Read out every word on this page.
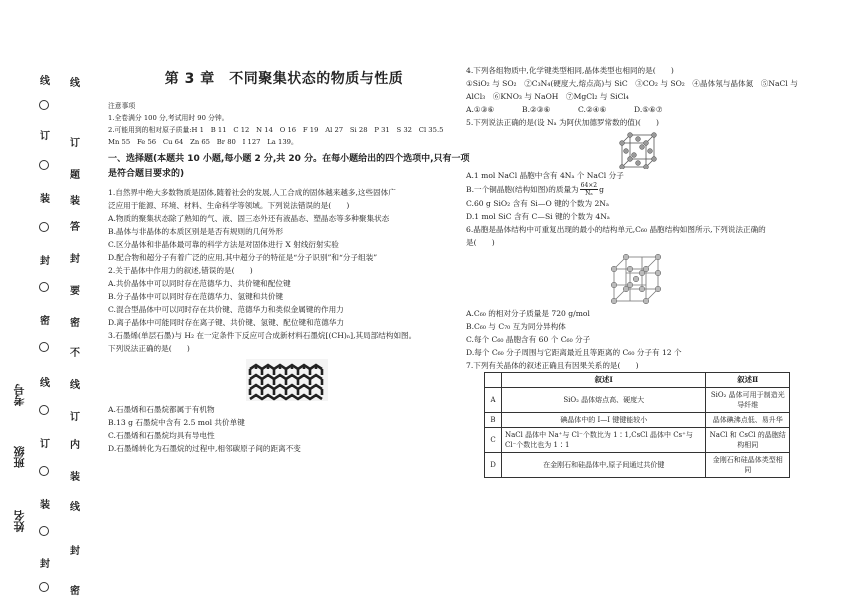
线
订
装
封
密
线
订
装
封
线
订
题
装
答
封
要
密
不
线
订
内
装
线
封
密
考号
班级
姓名
第 3 章　不同聚集状态的物质与性质
注意事项
1.全卷满分 100 分,考试用时 90 分钟。
2.可能用到的相对原子质量:H 1　B 11　C 12　N 14　O 16　F 19　Al 27　Si 28　P 31　S 32　Cl 35.5
Mn 55　Fe 56　Cu 64　Zn 65　Br 80　I 127　La 139。
一、选择题(本题共 10 小题,每小题 2 分,共 20 分。在每小题给出的四个选项中,只有一项
是符合题目要求的)
1.自然界中绝大多数物质是固体,随着社会的发展,人工合成的固体越来越多,这些固体广
泛应用于能源、环境、材料、生命科学等领域。下列说法错误的是(　　)
A.物质的聚集状态除了熟知的气、液、固三态外还有液晶态、塑晶态等多种聚集状态
B.晶体与非晶体的本质区别是是否有规则的几何外形
C.区分晶体和非晶体最可靠的科学方法是对固体进行 X 射线衍射实验
D.配合物和超分子有着广泛的应用,其中超分子的特征是“分子识别”和“分子组装”
2.关于晶体中作用力的叙述,错误的是(　　)
A.共价晶体中可以同时存在范德华力、共价键和配位键
B.分子晶体中可以同时存在范德华力、氢键和共价键
C.混合型晶体中可以同时存在共价键、范德华力和类似金属键的作用力
D.离子晶体中可能同时存在离子键、共价键、氢键、配位键和范德华力
3.石墨烯(单层石墨)与 H₂ 在一定条件下反应可合成新材料石墨烷[(CH)ₙ],其局部结构如图。
下列说法正确的是(　　)
A.石墨烯和石墨烷都属于有机物
B.13 g 石墨烷中含有 2.5 mol 共价单键
C.石墨烯和石墨烷均具有导电性
D.石墨烯转化为石墨烷的过程中,相邻碳原子间的距离不变
4.下列各组物质中,化学键类型相同,晶体类型也相同的是(　　)
①SiO₂ 与 SO₂　②C₃N₄(硬度大,熔点高)与 SiC　③CO₂ 与 SO₂　④晶体氖与晶体氮　⑤NaCl 与
AlCl₃　⑥KNO₃ 与 NaOH　⑦MgCl₂ 与 SiCl₄
A.①③⑥	B.②③⑥	C.②④⑥	D.⑤⑥⑦
5.下列说法正确的是(设 Nₐ 为阿伏加德罗常数的值)(　　)
A.1 mol NaCl 晶胞中含有 4Nₐ 个 NaCl 分子
B.一个铜晶胞(结构如图)的质量为 $\frac{64\times 2}{\text{Nₐ}}$ g
C.60 g SiO₂ 含有 Si—O 键的个数为 2Nₐ
D.1 mol SiC 含有 C—Si 键的个数为 4Nₐ
6.晶胞是晶体结构中可重复出现的最小的结构单元,C₆₀ 晶胞结构如图所示,下列说法正确的
是(　　)
A.C₆₀ 的相对分子质量是 720 g/mol
B.C₆₀ 与 C₇₀ 互为同分异构体
C.每个 C₆₀ 晶胞含有 60 个 C₆₀ 分子
D.每个 C₆₀ 分子周围与它距离最近且等距离的 C₆₀ 分子有 12 个
7.下列有关晶体的叙述正确且有因果关系的是(　　)
	叙述Ⅰ	叙述Ⅱ
A	SiO₂ 晶体熔点高、硬度大	SiO₂ 晶体可用于制造光导纤维
B	碘晶体中的 I—I 键键能较小	晶体碘沸点低、易升华
C	NaCl 晶体中 Na⁺与 Cl⁻个数比为 1∶1,CsCl 晶体中 Cs⁺与 Cl⁻个数比也为 1∶1	NaCl 和 CsCl 的晶胞结构相同
D	在金刚石和硅晶体中,原子间通过共价键	金刚石和硅晶体类型相同
